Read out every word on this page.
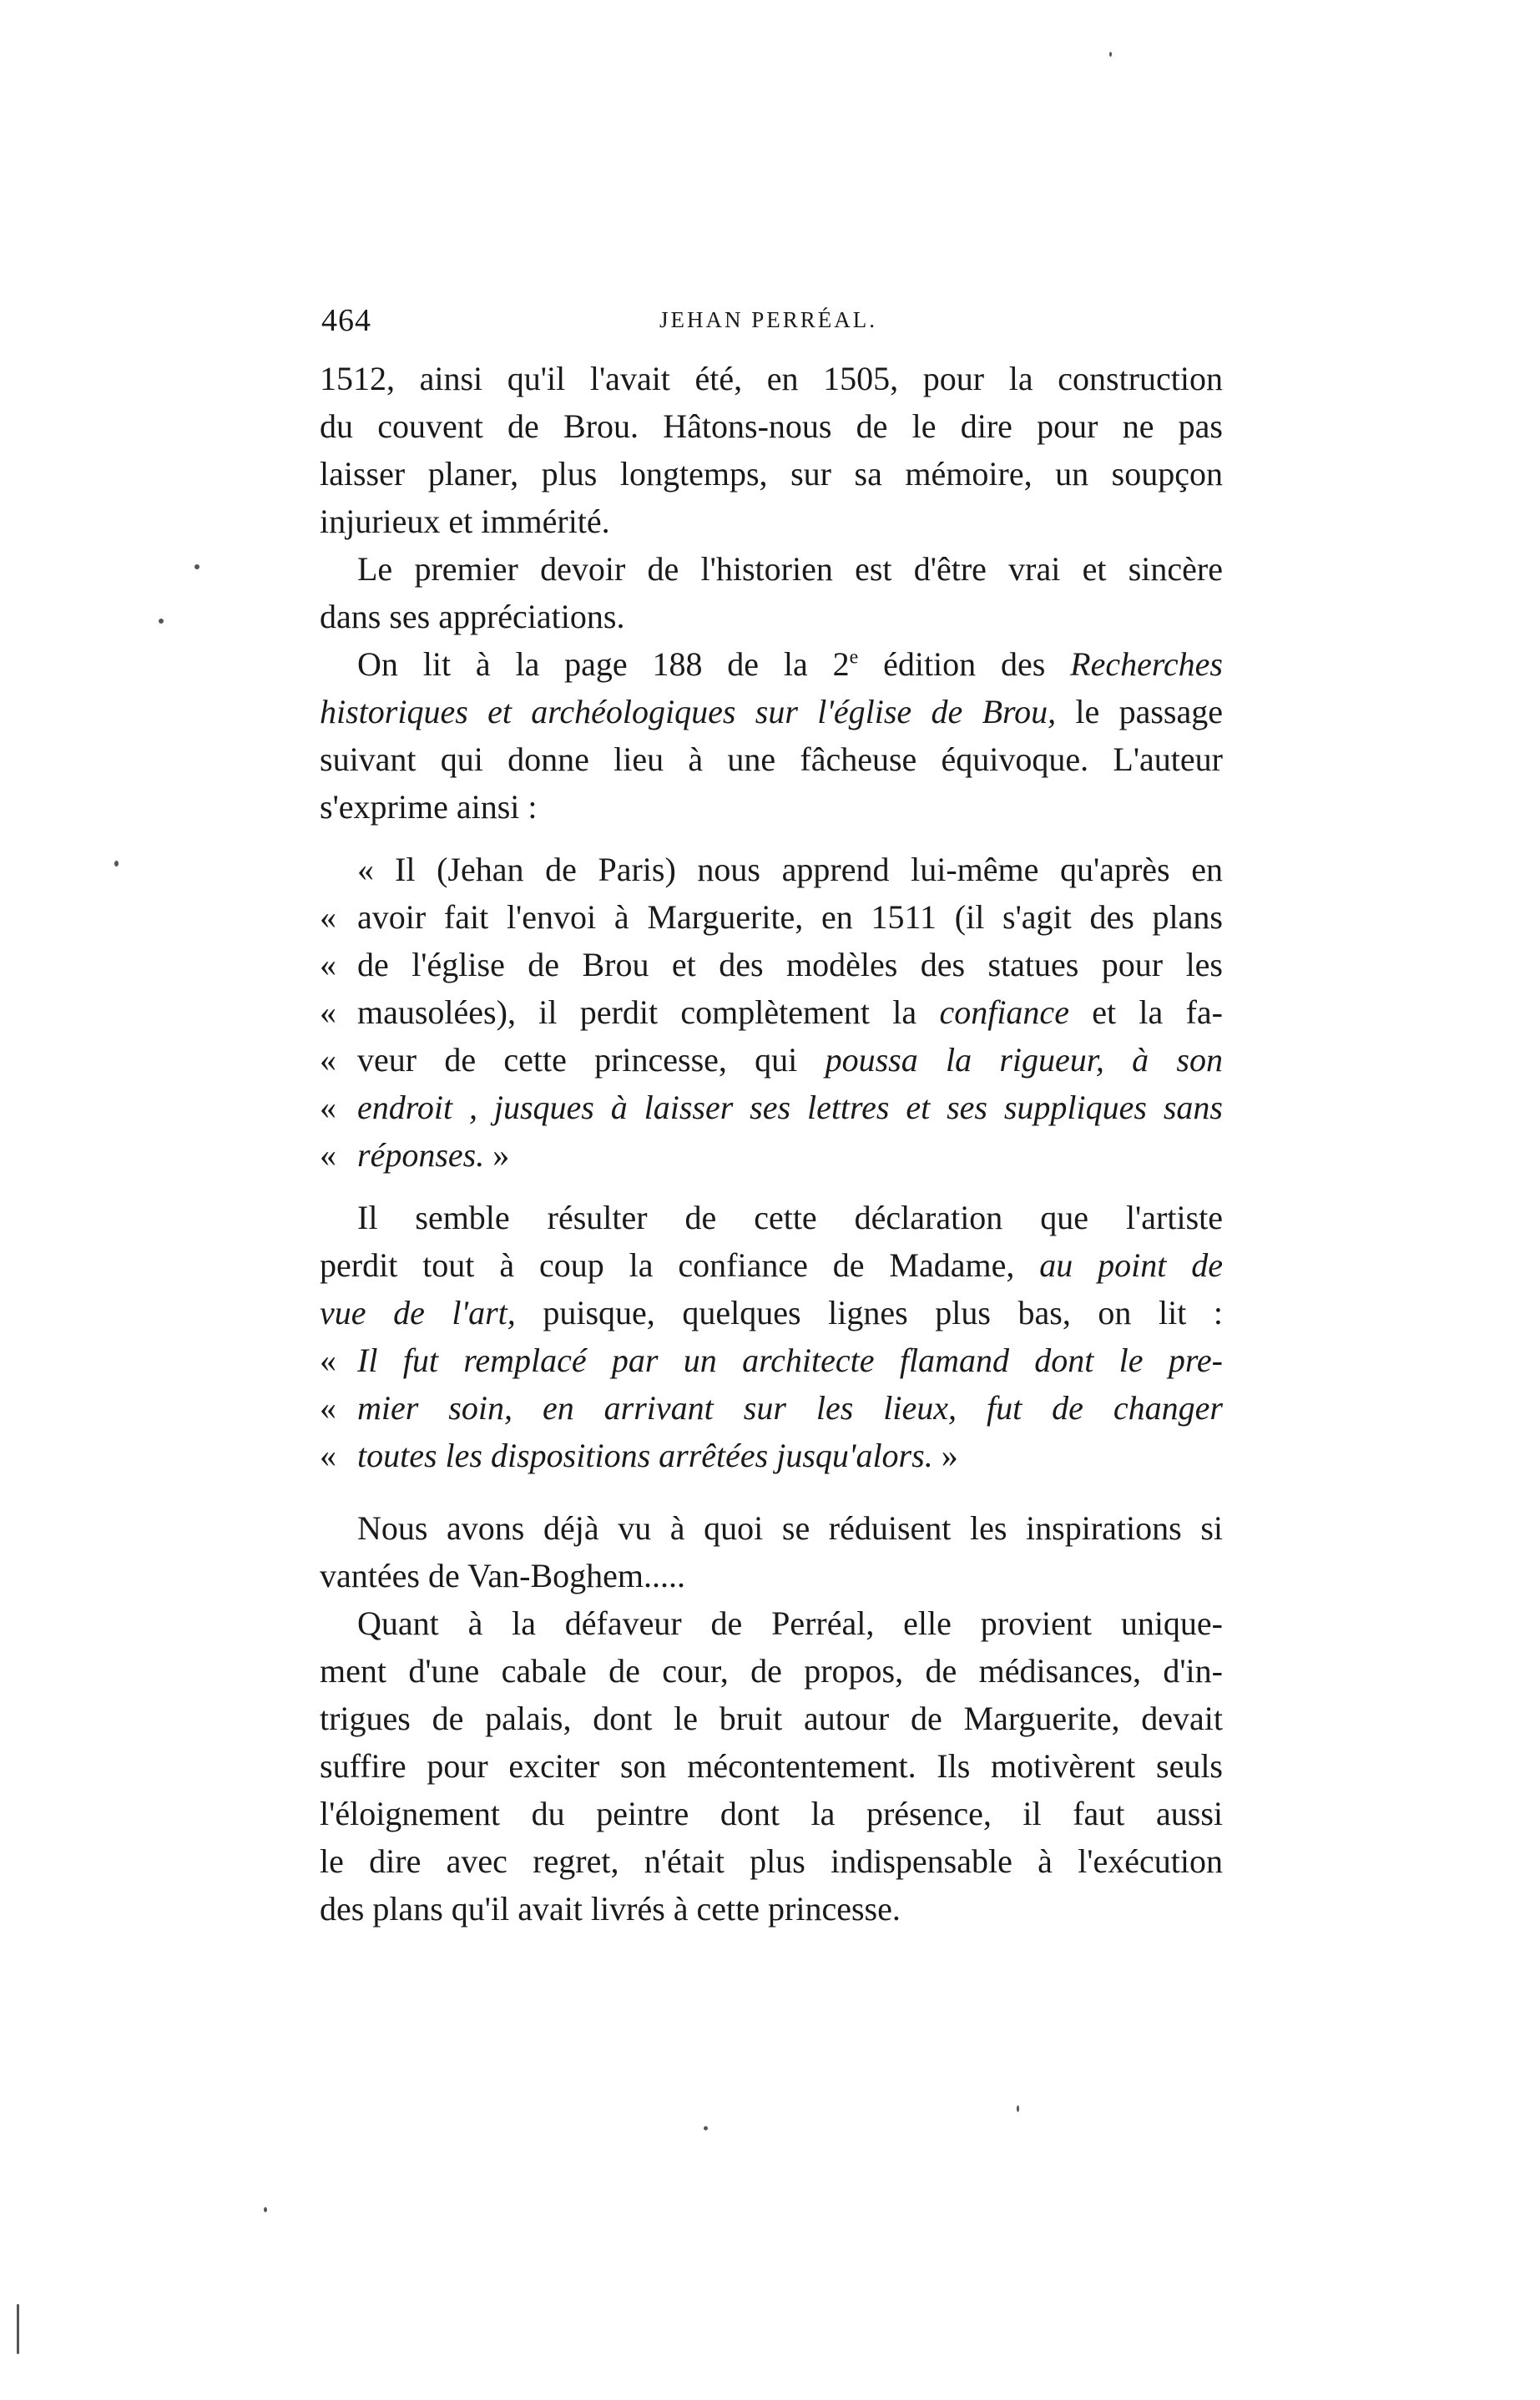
464	JEHAN PERRÉAL.
1512, ainsi qu'il l'avait été, en 1505, pour la construction
du couvent de Brou. Hâtons-nous de le dire pour ne pas
laisser planer, plus longtemps, sur sa mémoire, un soupçon
injurieux et immérité.
Le premier devoir de l'historien est d'être vrai et sincère
dans ses appréciations.
On lit à la page 188 de la 2e édition des Recherches
historiques et archéologiques sur l'église de Brou, le passage
suivant qui donne lieu à une fâcheuse équivoque. L'auteur
s'exprime ainsi :
« Il (Jehan de Paris) nous apprend lui-même qu'après en
« avoir fait l'envoi à Marguerite, en 1511 (il s'agit des plans
« de l'église de Brou et des modèles des statues pour les
« mausolées), il perdit complètement la confiance et la fa-
« veur de cette princesse, qui poussa la rigueur, à son
« endroit , jusques à laisser ses lettres et ses suppliques sans
« réponses. »
Il semble résulter de cette déclaration que l'artiste
perdit tout à coup la confiance de Madame, au point de
vue de l'art, puisque, quelques lignes plus bas, on lit :
« Il fut remplacé par un architecte flamand dont le pre-
« mier soin, en arrivant sur les lieux, fut de changer
« toutes les dispositions arrêtées jusqu'alors. »
Nous avons déjà vu à quoi se réduisent les inspirations si
vantées de Van-Boghem.....
Quant à la défaveur de Perréal, elle provient unique-
ment d'une cabale de cour, de propos, de médisances, d'in-
trigues de palais, dont le bruit autour de Marguerite, devait
suffire pour exciter son mécontentement. Ils motivèrent seuls
l'éloignement du peintre dont la présence, il faut aussi
le dire avec regret, n'était plus indispensable à l'exécution
des plans qu'il avait livrés à cette princesse.
